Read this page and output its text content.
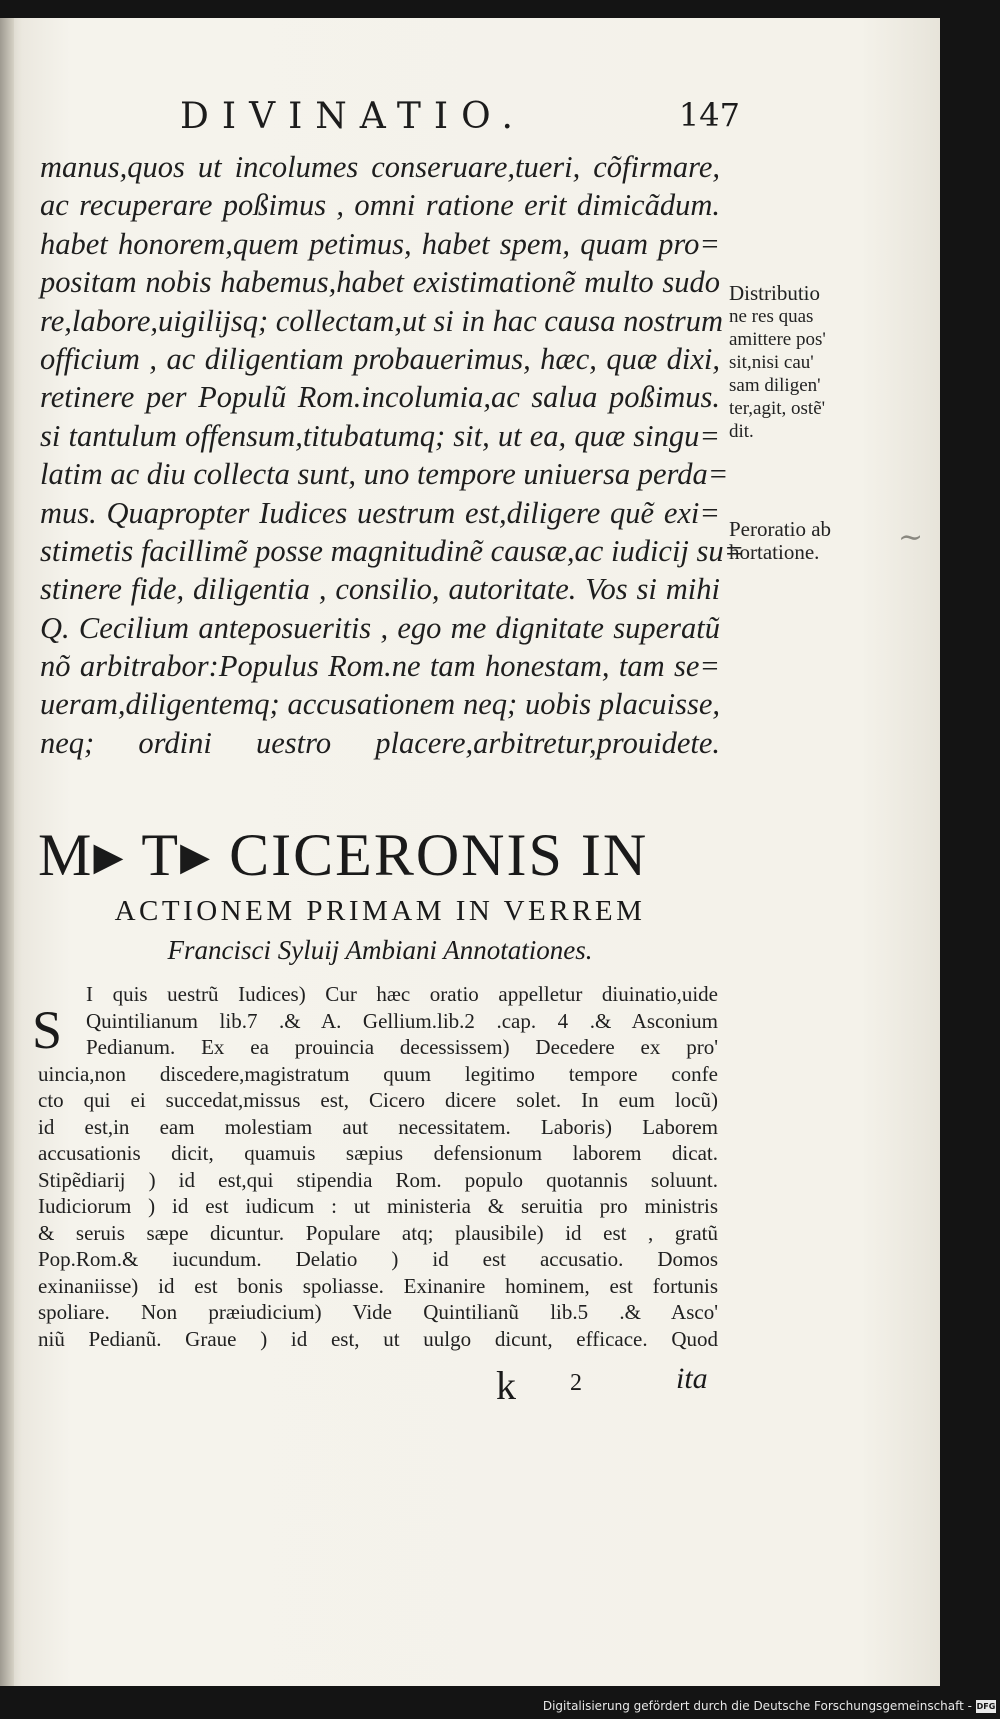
DIVINATIO.	147
manus,quos ut incolumes conseruare,tueri, cõfirmare,
ac recuperare poßimus , omni ratione erit dimicãdum.
habet honorem,quem petimus, habet spem, quam pro=
positam nobis habemus,habet existimationẽ multo sudo
re,labore,uigilijsq; collectam,ut si in hac causa nostrum
officium , ac diligentiam probauerimus, hæc, quæ dixi,
retinere per Populũ Rom.incolumia,ac salua poßimus.
si tantulum offensum,titubatumq; sit, ut ea, quæ singu=
latim ac diu collecta sunt, uno tempore uniuersa perda=
mus. Quapropter Iudices uestrum est,diligere quẽ exi=
stimetis facillimẽ posse magnitudinẽ causæ,ac iudicij su=
stinere fide, diligentia , consilio, autoritate. Vos si mihi
Q. Cecilium anteposueritis , ego me dignitate superatũ
nõ arbitrabor:Populus Rom.ne tam honestam, tam se=
ueram,diligentemq; accusationem neq; uobis placuisse,
neq; ordini uestro placere,arbitretur,prouidete.
Distributio
ne res quas
amittere pos'
sit,nisi cau'
sam diligen'
ter,agit, ostẽ'
dit.
Peroratio ab
hortatione.	∼
M▸ T▸ CICERONIS IN
ACTIONEM PRIMAM IN VERREM
Francisci Syluij Ambiani Annotationes.
S
I quis uestrũ Iudices) Cur hæc oratio appelletur diuinatio,uide
Quintilianum lib.7 .& A. Gellium.lib.2 .cap. 4 .& Asconium
Pedianum. Ex ea prouincia decessissem) Decedere ex pro'
uincia,non discedere,magistratum quum legitimo tempore confe
cto qui ei succedat,missus est, Cicero dicere solet. In eum locũ)
id est,in eam molestiam aut necessitatem. Laboris) Laborem
accusationis dicit, quamuis sæpius defensionum laborem dicat.
Stipẽdiarij ) id est,qui stipendia Rom. populo quotannis soluunt.
Iudiciorum ) id est iudicum : ut ministeria & seruitia pro ministris
& seruis sæpe dicuntur. Populare atq; plausibile) id est , gratũ
Pop.Rom.& iucundum. Delatio ) id est accusatio. Domos
exinaniisse) id est bonis spoliasse. Exinanire hominem, est fortunis
spoliare. Non præiudicium) Vide Quintilianũ lib.5 .& Asco'
niũ Pedianũ. Graue ) id est, ut uulgo dicunt, efficace. Quod
k 2	ita
Digitalisierung gefördert durch die Deutsche Forschungsgemeinschaft - DFG
